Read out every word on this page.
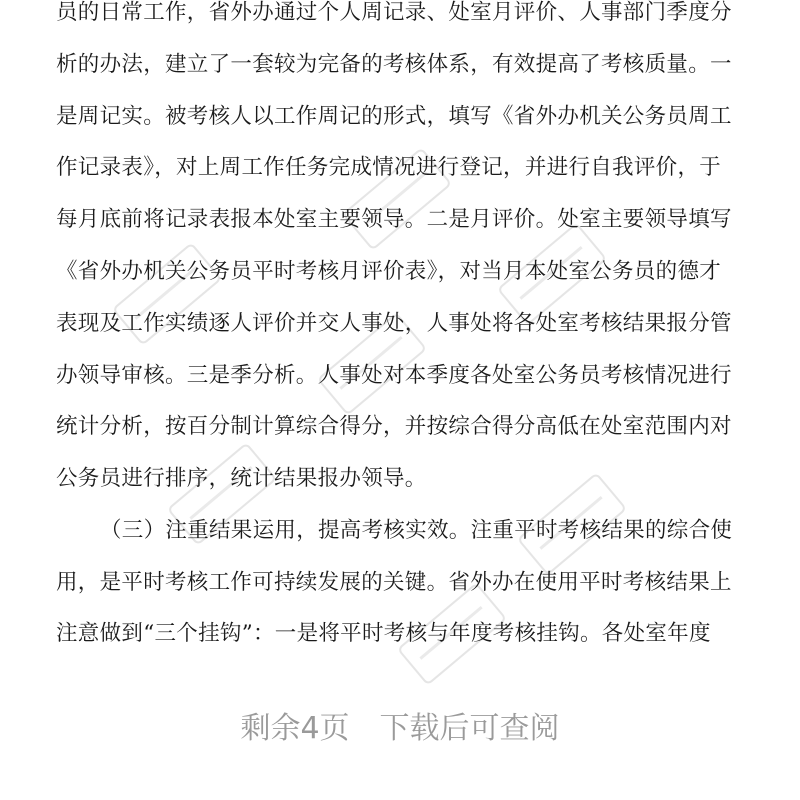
员的日常工作，省外办通过个人周记录、处室月评价、人事部门季度分
析的办法，建立了一套较为完备的考核体系，有效提高了考核质量。一
是周记实。被考核人以工作周记的形式，填写《省外办机关公务员周工
作记录表》，对上周工作任务完成情况进行登记，并进行自我评价，于
每月底前将记录表报本处室主要领导。二是月评价。处室主要领导填写
《省外办机关公务员平时考核月评价表》，对当月本处室公务员的德才
表现及工作实绩逐人评价并交人事处，人事处将各处室考核结果报分管
办领导审核。三是季分析。人事处对本季度各处室公务员考核情况进行
统计分析，按百分制计算综合得分，并按综合得分高低在处室范围内对
公务员进行排序，统计结果报办领导。
（三）注重结果运用，提高考核实效。注重平时考核结果的综合使
用，是平时考核工作可持续发展的关键。省外办在使用平时考核结果上
注意做到“三个挂钩”：一是将平时考核与年度考核挂钩。各处室年度
剩余4页 下载后可查阅
